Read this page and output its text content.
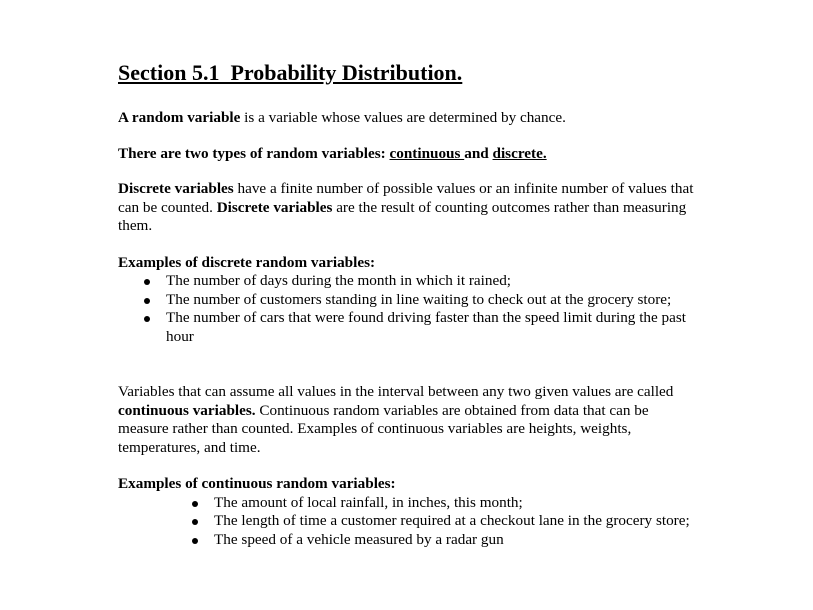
Section 5.1  Probability Distribution.

A random variable is a variable whose values are determined by chance.

There are two types of random variables: continuous and discrete.

Discrete variables have a finite number of possible values or an infinite number of values that can be counted. Discrete variables are the result of counting outcomes rather than measuring them.

Examples of discrete random variables:

The number of days during the month in which it rained;
The number of customers standing in line waiting to check out at the grocery store;
The number of cars that were found driving faster than the speed limit during the past hour

Variables that can assume all values in the interval between any two given values are called continuous variables. Continuous random variables are obtained from data that can be measure rather than counted. Examples of continuous variables are heights, weights, temperatures, and time.

Examples of continuous random variables:

The amount of local rainfall, in inches, this month;
The length of time a customer required at a checkout lane in the grocery store;
The speed of a vehicle measured by a radar gun
